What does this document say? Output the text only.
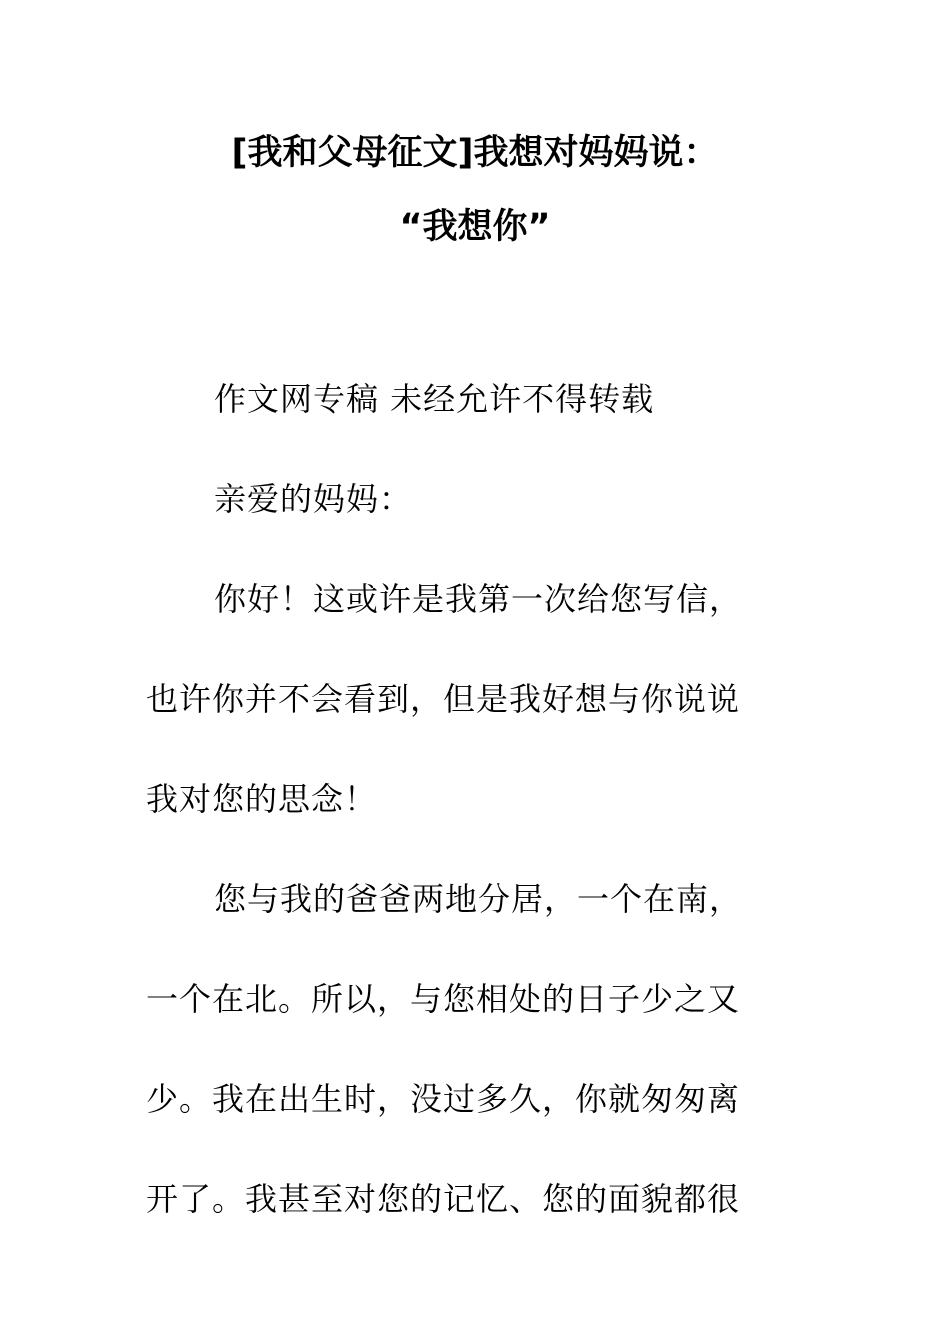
[我和父母征文]我想对妈妈说：
“我想你”
作文网专稿 未经允许不得转载
亲爱的妈妈：
你好！这或许是我第一次给您写信，
也许你并不会看到，但是我好想与你说说
我对您的思念！
您与我的爸爸两地分居，一个在南，
一个在北。所以，与您相处的日子少之又
少。我在出生时，没过多久，你就匆匆离
开了。我甚至对您的记忆、您的面貌都很
